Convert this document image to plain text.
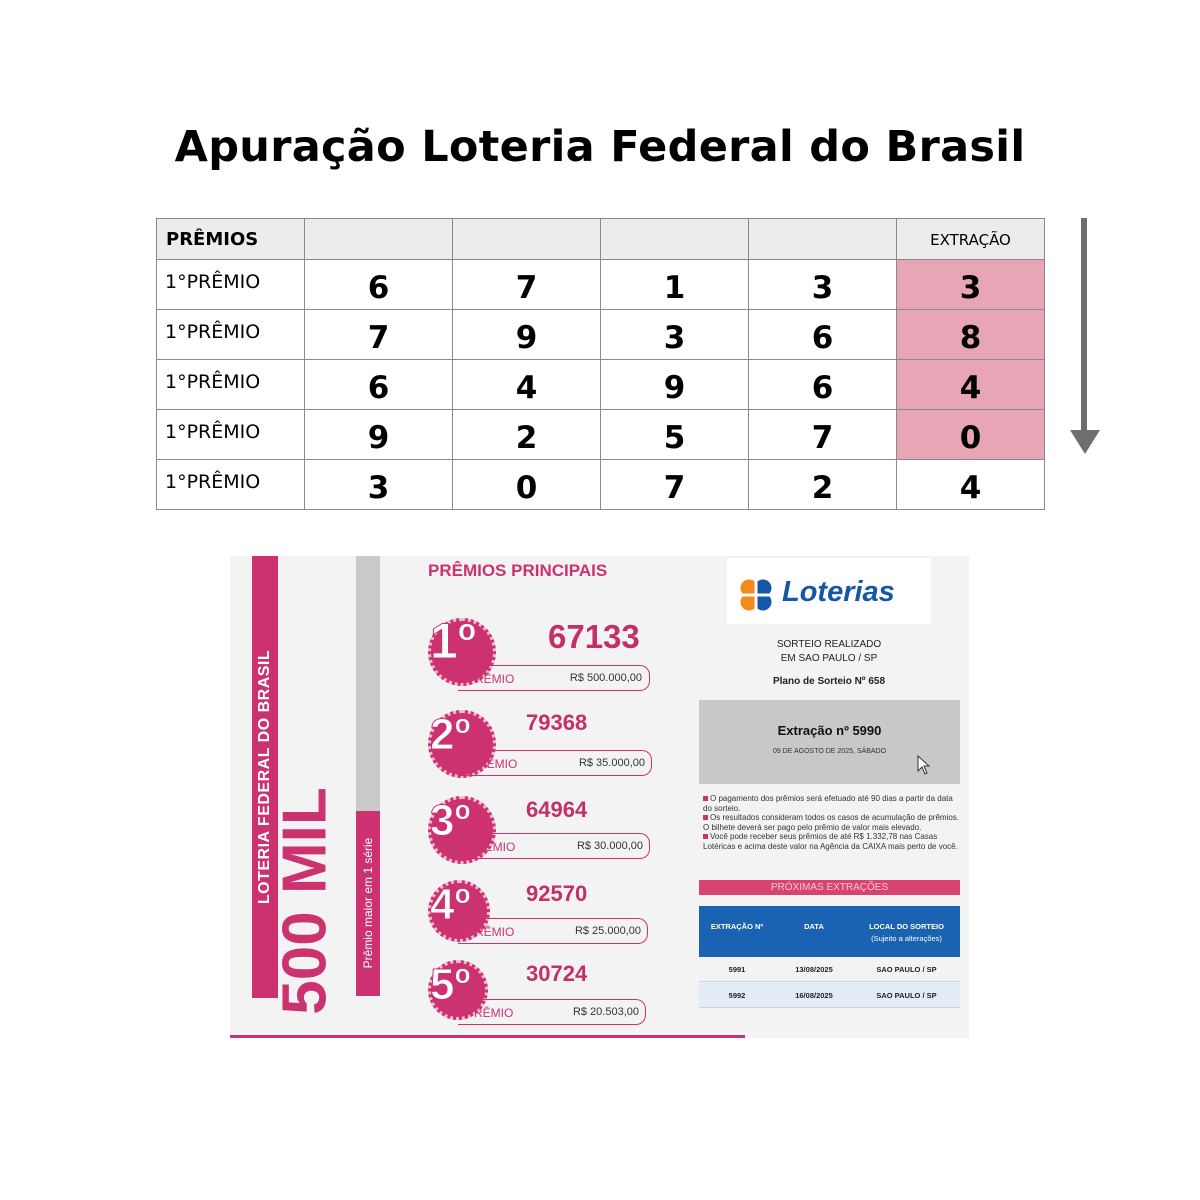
Apuração Loteria Federal do Brasil
PRÊMIOS					EXTRAÇÃO
1°PRÊMIO	6	7	1	3	3
1°PRÊMIO	7	9	3	6	8
1°PRÊMIO	6	4	9	6	4
1°PRÊMIO	9	2	5	7	0
1°PRÊMIO	3	0	7	2	4
LOTERIA FEDERAL DO BRASIL
500 MIL Prêmio maior em 1 série
PRÊMIOS PRINCIPAIS
1º 67133
PRÊMIO	R$ 500.000,00
2º	79368
PRÊMIO	R$ 35.000,00
3º	64964
PRÊMIO	R$ 30.000,00
4º	92570
PRÊMIO	R$ 25.000,00
5º	30724
PRÊMIO	R$ 20.503,00
Loterias
SORTEIO REALIZADO
EM SAO PAULO / SP
Plano de Sorteio Nº 658
Extração nº 5990
09 DE AGOSTO DE 2025, SÁBADO
O pagamento dos prêmios será efetuado até 90 dias a partir da data do sorteio.
Os resultados consideram todos os casos de acumulação de prêmios. O bilhete deverá ser pago pelo prêmio de valor mais elevado.
Você pode receber seus prêmios de até R$ 1.332,78 nas Casas Lotéricas e acima deste valor na Agência da CAIXA mais perto de você.
PRÓXIMAS EXTRAÇÕES
EXTRAÇÃO Nº	DATA	LOCAL DO SORTEIO
(Sujeito a alterações)
5991	13/08/2025	SAO PAULO / SP
5992	16/08/2025	SAO PAULO / SP
